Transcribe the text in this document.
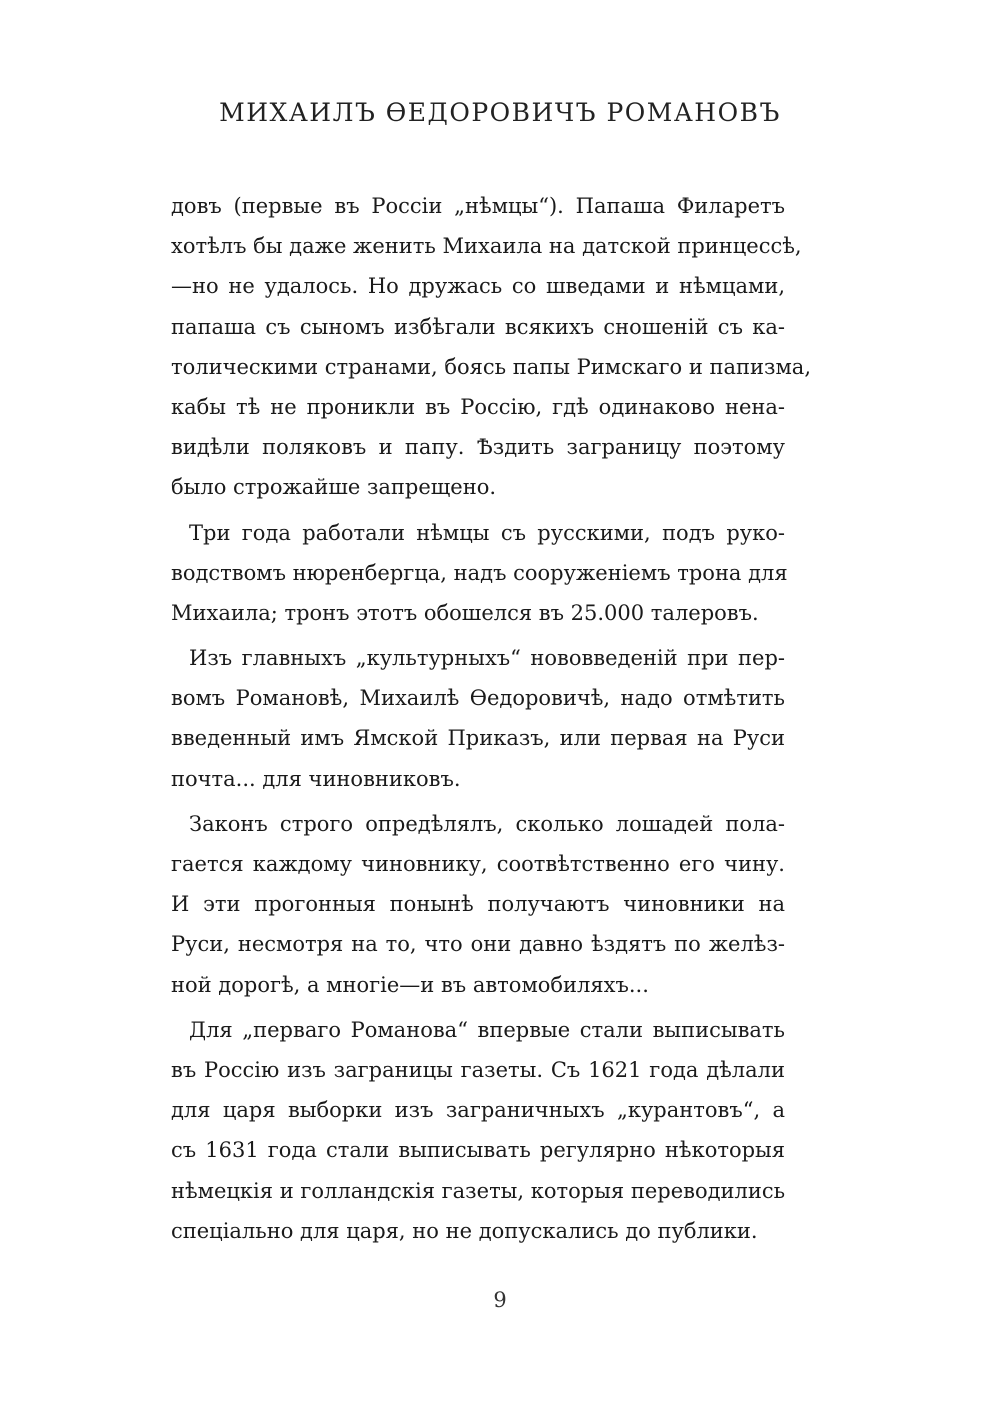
МИХАИЛЪ ӨЕДОРОВИЧЪ РОМАНОВЪ
довъ (первые въ Россіи „нѣмцы“). Папаша Филаретъ
хотѣлъ бы даже женить Михаила на датской принцессѣ,
—но не удалось. Но дружась со шведами и нѣмцами,
папаша съ сыномъ избѣгали всякихъ сношеній съ ка-
толическими странами, боясь папы Римскаго и папизма,
кабы тѣ не проникли въ Россію, гдѣ одинаково нена-
видѣли поляковъ и папу. Ѣздить заграницу поэтому
было строжайше запрещено.
Три года работали нѣмцы съ русскими, подъ руко-
водствомъ нюренбергца, надъ сооруженіемъ трона для
Михаила; тронъ этотъ обошелся въ 25.000 талеровъ.
Изъ главныхъ „культурныхъ“ нововведеній при пер-
вомъ Романовѣ, Михаилѣ Өедоровичѣ, надо отмѣтить
введенный имъ Ямской Приказъ, или первая на Руси
почта... для чиновниковъ.
Законъ строго опредѣлялъ, сколько лошадей пола-
гается каждому чиновнику, соотвѣтственно его чину.
И эти прогонныя понынѣ получаютъ чиновники на
Руси, несмотря на то, что они давно ѣздятъ по желѣз-
ной дорогѣ, а многіе—и въ автомобиляхъ...
Для „перваго Романова“ впервые стали выписывать
въ Россію изъ заграницы газеты. Съ 1621 года дѣлали
для царя выборки изъ заграничныхъ „курантовъ“, а
съ 1631 года стали выписывать регулярно нѣкоторыя
нѣмецкія и голландскія газеты, которыя переводились
спеціально для царя, но не допускались до публики.
9
